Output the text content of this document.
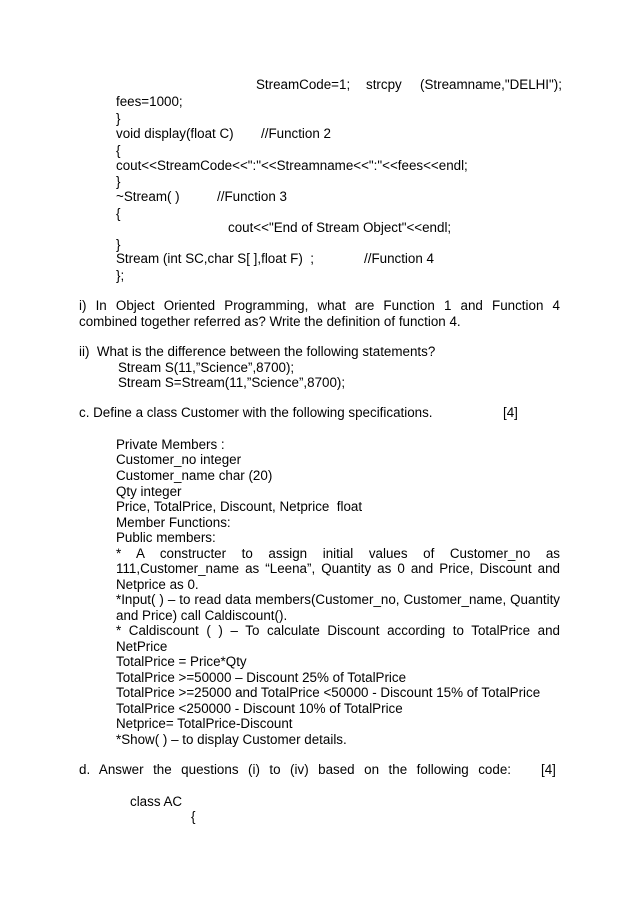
StreamCode=1; strcpy (Streamname,"DELHI");
fees=1000;
}
void display(float C) //Function 2
{
cout<<StreamCode<<":"<<Streamname<<":"<<fees<<endl;
}
~Stream( )	//Function 3
{
cout<<"End of Stream Object"<<endl;
}
Stream (int SC,char S[ ],float F)  ;	//Function 4
};
i) In Object Oriented Programming, what are Function 1 and Function 4
combined together referred as? Write the definition of function 4.
ii)  What is the difference between the following statements?
Stream S(11,”Science”,8700);
Stream S=Stream(11,”Science”,8700);
c. Define a class Customer with the following specifications.	[4]
Private Members :
Customer_no integer
Customer_name char (20)
Qty integer
Price, TotalPrice, Discount, Netprice  float
Member Functions:
Public members:
* A constructer to assign initial values of Customer_no as
111,Customer_name as “Leena”, Quantity as 0 and Price, Discount and
Netprice as 0.
*Input( ) – to read data members(Customer_no, Customer_name, Quantity
and Price) call Caldiscount().
* Caldiscount ( ) – To calculate Discount according to TotalPrice and
NetPrice
TotalPrice = Price*Qty
TotalPrice >=50000 – Discount 25% of TotalPrice
TotalPrice >=25000 and TotalPrice <50000 - Discount 15% of TotalPrice
TotalPrice <250000 - Discount 10% of TotalPrice
Netprice= TotalPrice-Discount
*Show( ) – to display Customer details.
d. Answer the questions (i) to (iv) based on the following code: [4]
class AC
{
